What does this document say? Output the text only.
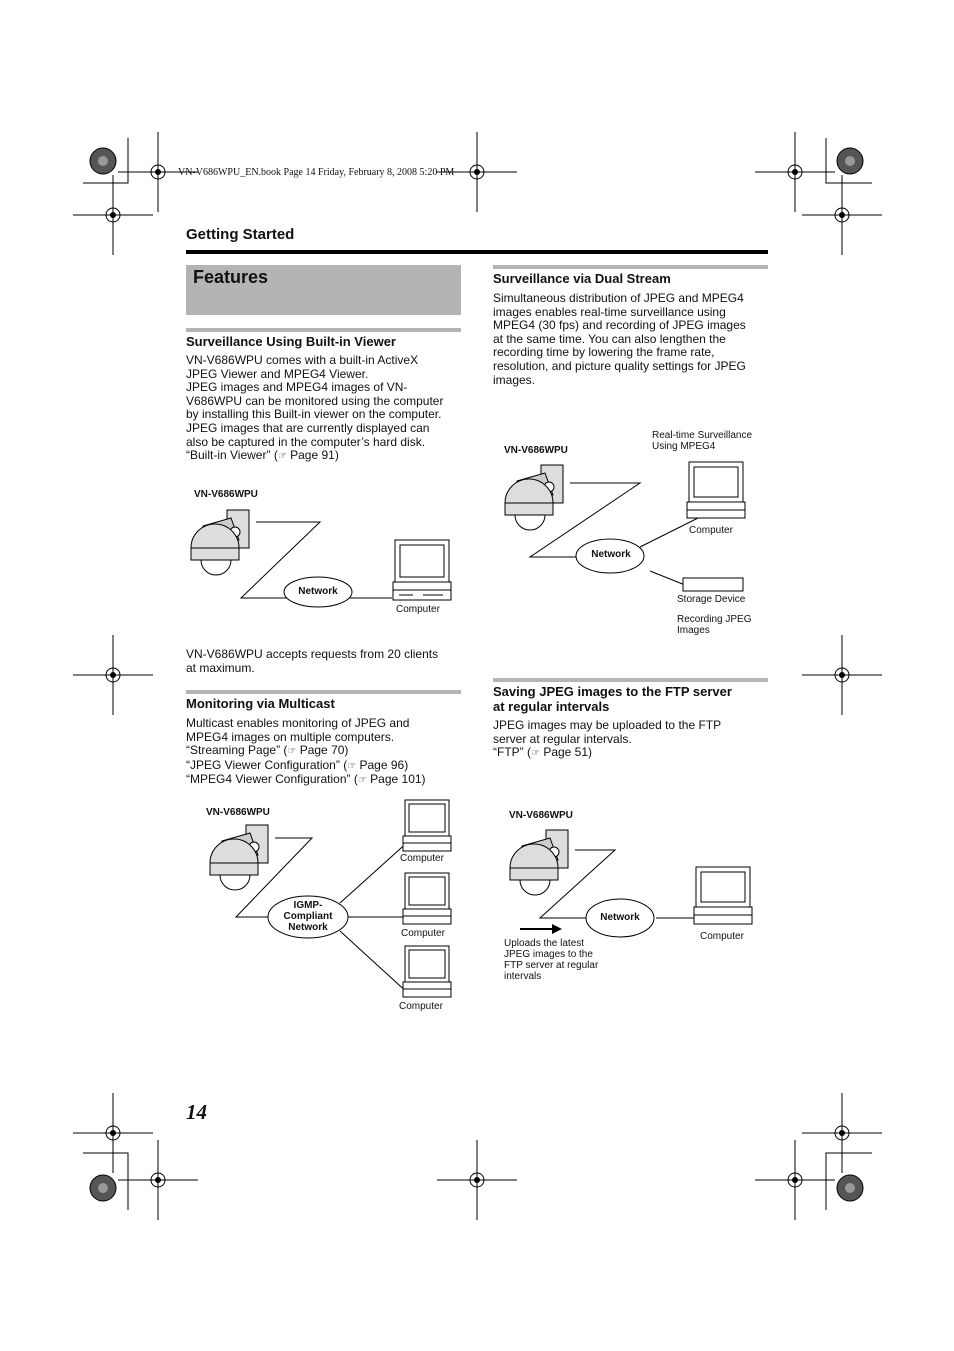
VN-V686WPU_EN.book Page 14 Friday, February 8, 2008 5:20 PM
Getting Started
Features
Surveillance Using Built-in Viewer
VN-V686WPU comes with a built-in ActiveX
JPEG Viewer and MPEG4 Viewer.
JPEG images and MPEG4 images of VN-
V686WPU can be monitored using the computer
by installing this Built-in viewer on the computer.
JPEG images that are currently displayed can
also be captured in the computer’s hard disk.
“Built-in Viewer” (☞ Page 91)
VN-V686WPU
Network
Computer
VN-V686WPU accepts requests from 20 clients
at maximum.
Monitoring via Multicast
Multicast enables monitoring of JPEG and
MPEG4 images on multiple computers.
“Streaming Page” (☞ Page 70)
“JPEG Viewer Configuration” (☞ Page 96)
“MPEG4 Viewer Configuration” (☞ Page 101)
VN-V686WPU
IGMP-
Compliant
Network
Computer
Computer
Computer
Surveillance via Dual Stream
Simultaneous distribution of JPEG and MPEG4
images enables real-time surveillance using
MPEG4 (30 fps) and recording of JPEG images
at the same time. You can also lengthen the
recording time by lowering the frame rate,
resolution, and picture quality settings for JPEG
images.
Real-time Surveillance
Using MPEG4
VN-V686WPU
Computer
Network
Storage Device
Recording JPEG
Images
Saving JPEG images to the FTP server
at regular intervals
JPEG images may be uploaded to the FTP
server at regular intervals.
“FTP” (☞ Page 51)
VN-V686WPU
Network
Computer
Uploads the latest
JPEG images to the
FTP server at regular
intervals
14
